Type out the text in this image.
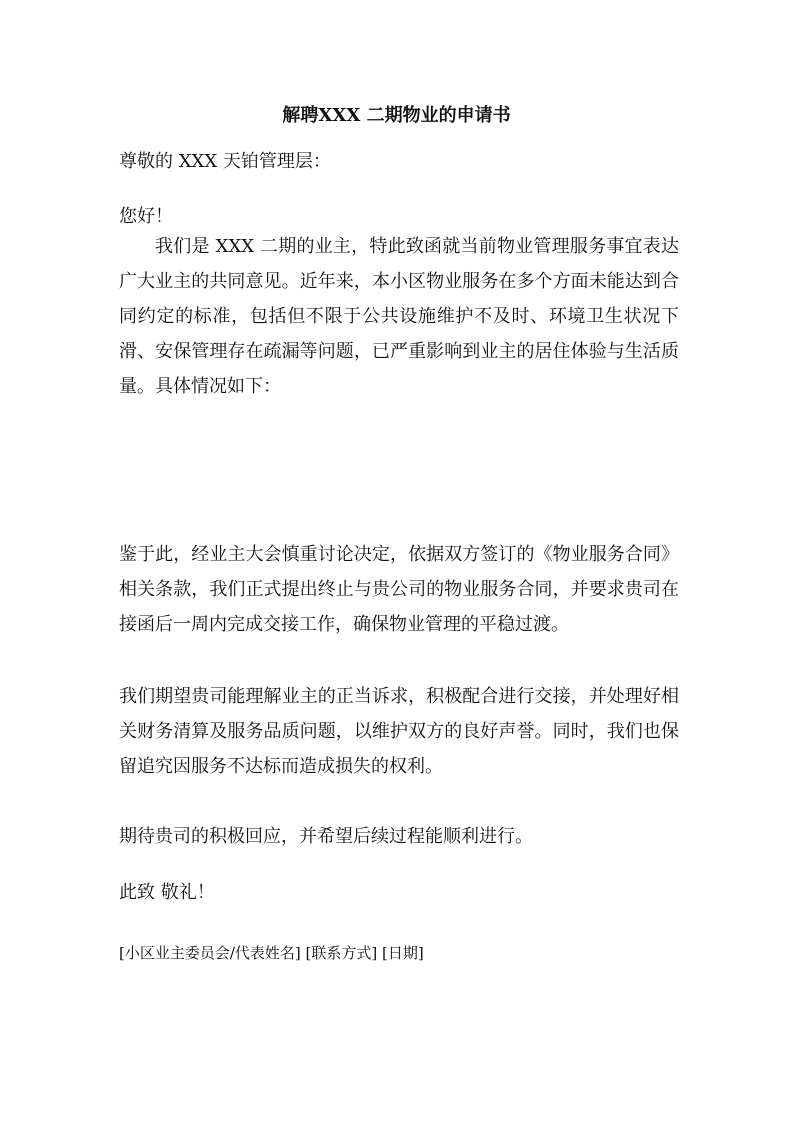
解聘XXX 二期物业的申请书
尊敬的 XXX 天铂管理层：
您好！
我们是 XXX 二期的业主，特此致函就当前物业管理服务事宜表达广大业主的共同意见。近年来，本小区物业服务在多个方面未能达到合同约定的标准，包括但不限于公共设施维护不及时、环境卫生状况下滑、安保管理存在疏漏等问题，已严重影响到业主的居住体验与生活质量。具体情况如下：
鉴于此，经业主大会慎重讨论决定，依据双方签订的《物业服务合同》相关条款，我们正式提出终止与贵公司的物业服务合同，并要求贵司在接函后一周内完成交接工作，确保物业管理的平稳过渡。
我们期望贵司能理解业主的正当诉求，积极配合进行交接，并处理好相关财务清算及服务品质问题，以维护双方的良好声誉。同时，我们也保留追究因服务不达标而造成损失的权利。
期待贵司的积极回应，并希望后续过程能顺利进行。
此致 敬礼！
[小区业主委员会/代表姓名] [联系方式] [日期]
